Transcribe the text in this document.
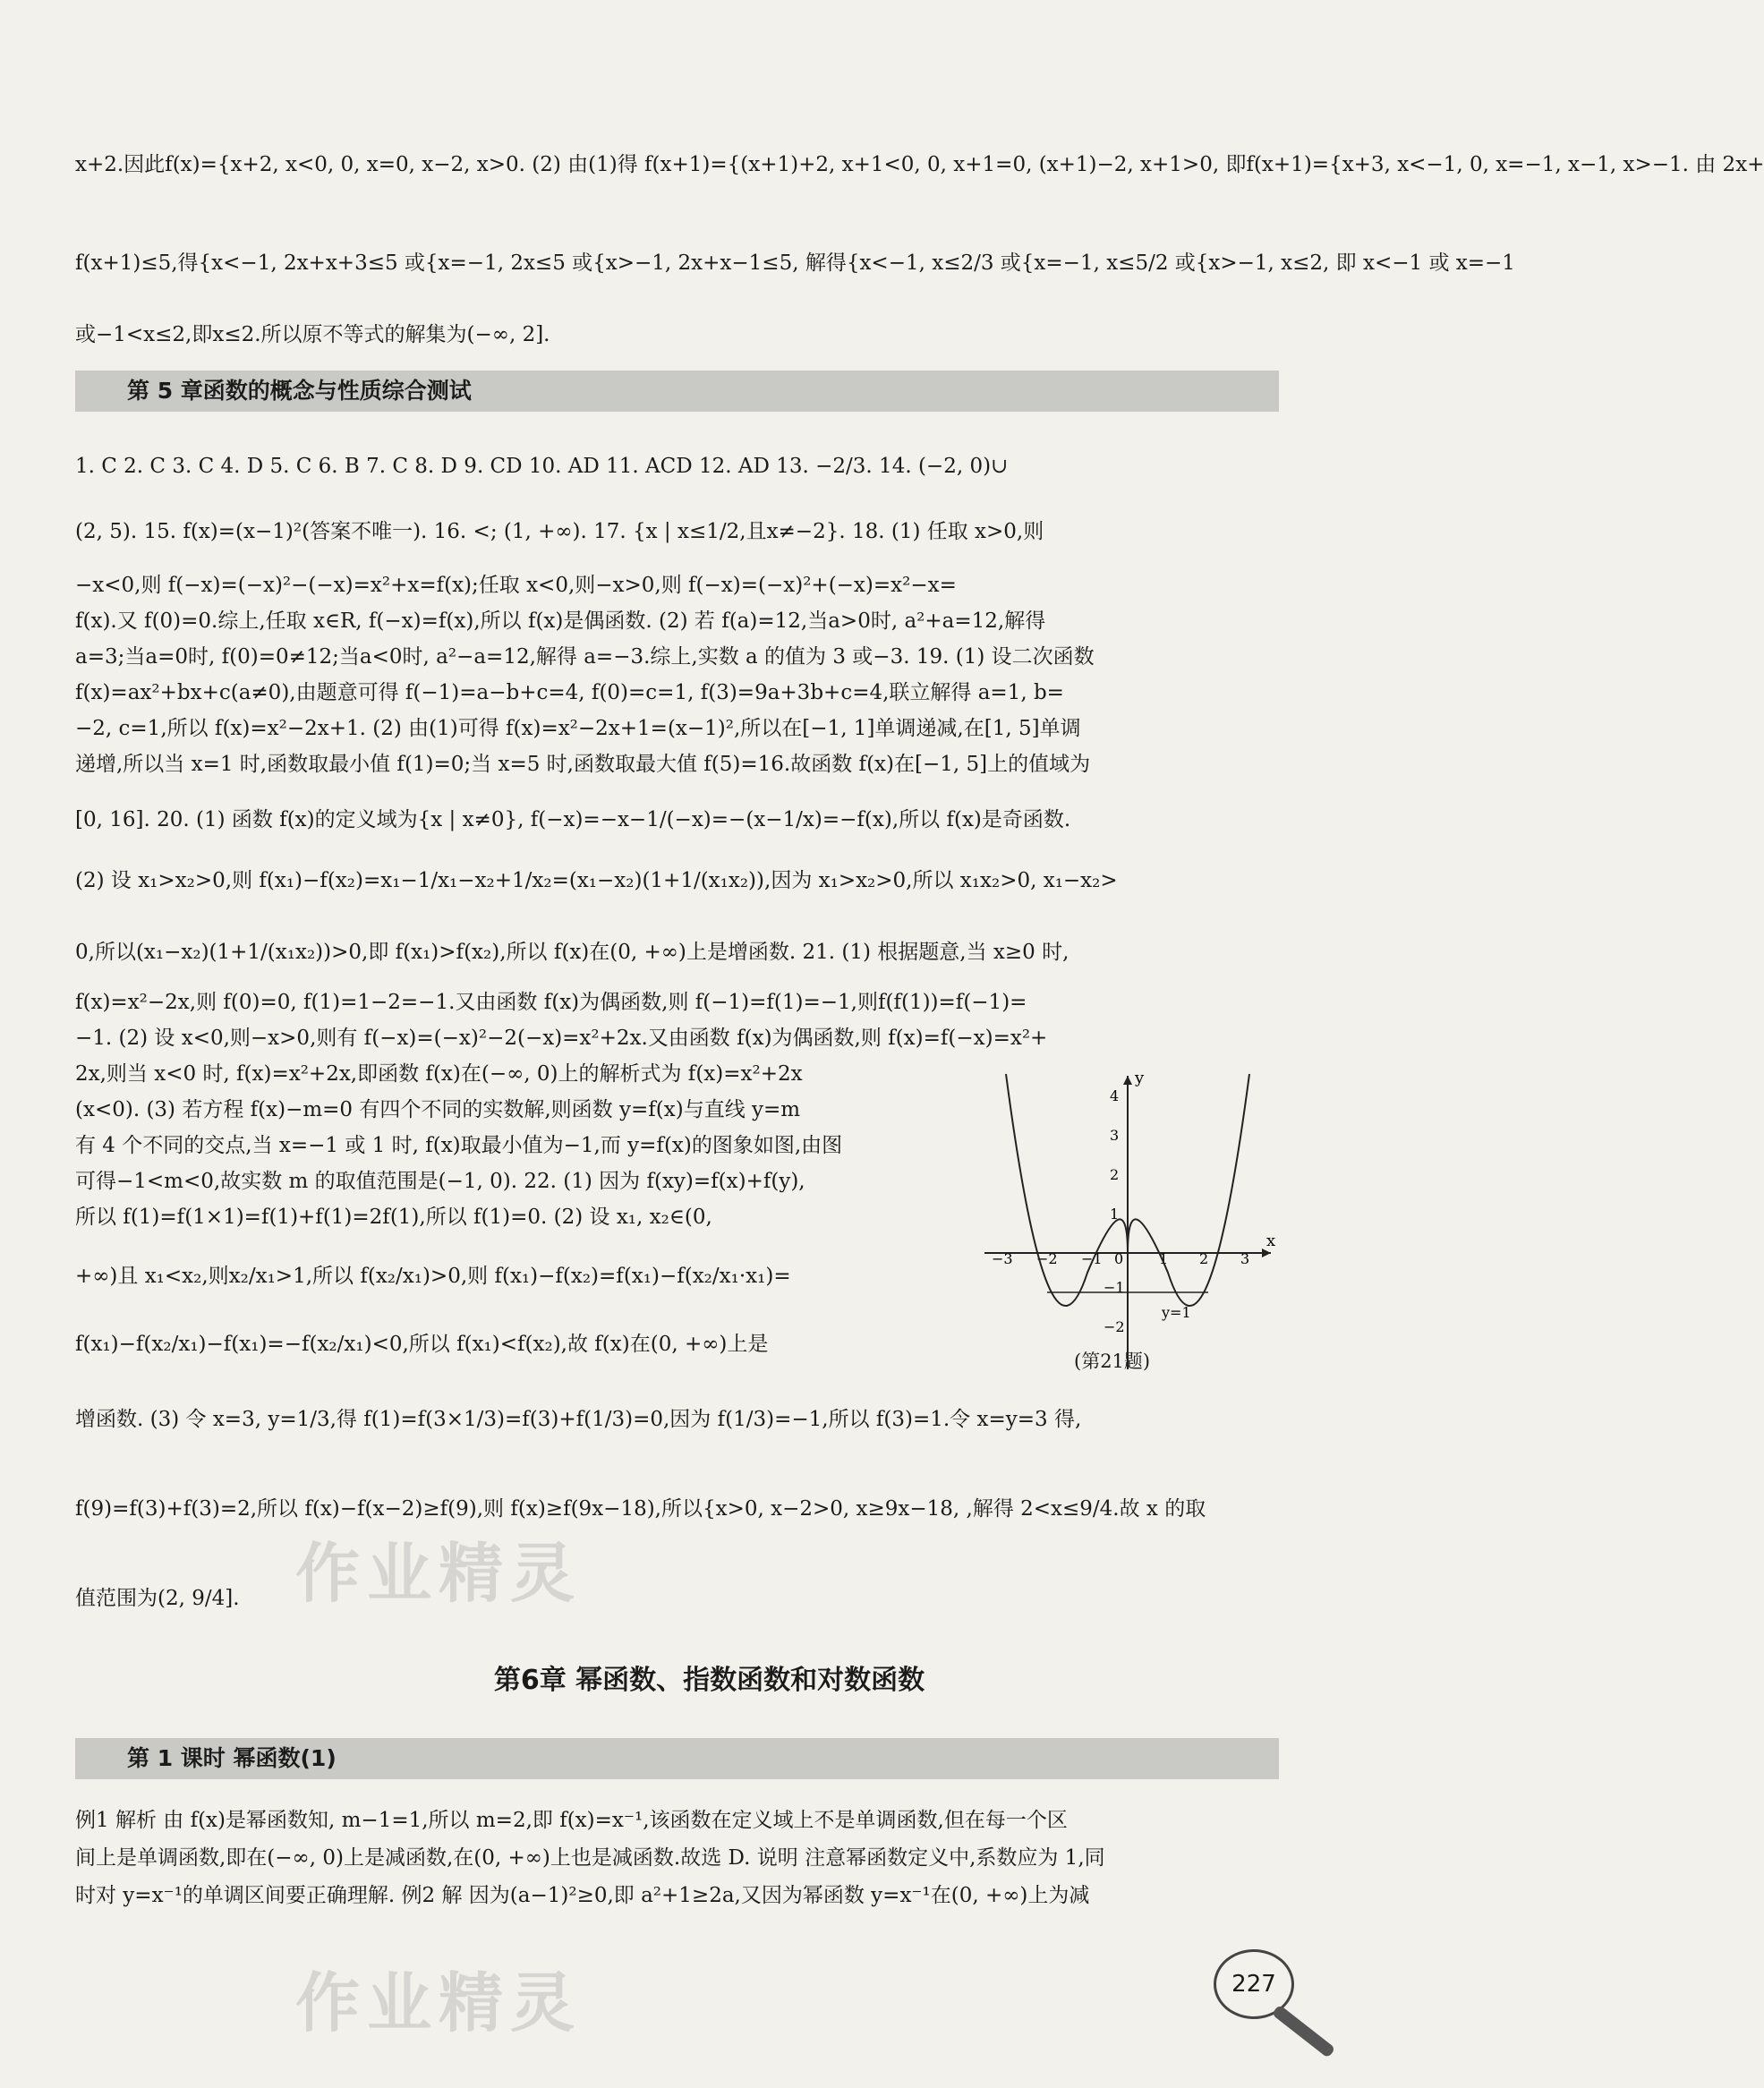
x+2.因此f(x)={x+2, x<0, 0, x=0, x−2, x>0. (2) 由(1)得 f(x+1)={(x+1)+2, x+1<0, 0, x+1=0, (x+1)−2, x+1>0, 即f(x+1)={x+3, x<−1, 0, x=−1, x−1, x>−1. 由 2x+
f(x+1)≤5,得{x<−1, 2x+x+3≤5 或{x=−1, 2x≤5 或{x>−1, 2x+x−1≤5, 解得{x<−1, x≤2/3 或{x=−1, x≤5/2 或{x>−1, x≤2, 即 x<−1 或 x=−1
或−1<x≤2,即x≤2.所以原不等式的解集为(−∞, 2].
第 5 章函数的概念与性质综合测试
1. C 2. C 3. C 4. D 5. C 6. B 7. C 8. D 9. CD 10. AD 11. ACD 12. AD 13. −2/3. 14. (−2, 0)∪
(2, 5). 15. f(x)=(x−1)²(答案不唯一). 16. <; (1, +∞). 17. {x | x≤1/2,且x≠−2}. 18. (1) 任取 x>0,则
−x<0,则 f(−x)=(−x)²−(−x)=x²+x=f(x);任取 x<0,则−x>0,则 f(−x)=(−x)²+(−x)=x²−x=
f(x).又 f(0)=0.综上,任取 x∈R, f(−x)=f(x),所以 f(x)是偶函数. (2) 若 f(a)=12,当a>0时, a²+a=12,解得
a=3;当a=0时, f(0)=0≠12;当a<0时, a²−a=12,解得 a=−3.综上,实数 a 的值为 3 或−3. 19. (1) 设二次函数
f(x)=ax²+bx+c(a≠0),由题意可得 f(−1)=a−b+c=4, f(0)=c=1, f(3)=9a+3b+c=4,联立解得 a=1, b=
−2, c=1,所以 f(x)=x²−2x+1. (2) 由(1)可得 f(x)=x²−2x+1=(x−1)²,所以在[−1, 1]单调递减,在[1, 5]单调
递增,所以当 x=1 时,函数取最小值 f(1)=0;当 x=5 时,函数取最大值 f(5)=16.故函数 f(x)在[−1, 5]上的值域为
[0, 16]. 20. (1) 函数 f(x)的定义域为{x | x≠0}, f(−x)=−x−1/(−x)=−(x−1/x)=−f(x),所以 f(x)是奇函数.
(2) 设 x₁>x₂>0,则 f(x₁)−f(x₂)=x₁−1/x₁−x₂+1/x₂=(x₁−x₂)(1+1/(x₁x₂)),因为 x₁>x₂>0,所以 x₁x₂>0, x₁−x₂>
0,所以(x₁−x₂)(1+1/(x₁x₂))>0,即 f(x₁)>f(x₂),所以 f(x)在(0, +∞)上是增函数. 21. (1) 根据题意,当 x≥0 时,
f(x)=x²−2x,则 f(0)=0, f(1)=1−2=−1.又由函数 f(x)为偶函数,则 f(−1)=f(1)=−1,则f(f(1))=f(−1)=
−1. (2) 设 x<0,则−x>0,则有 f(−x)=(−x)²−2(−x)=x²+2x.又由函数 f(x)为偶函数,则 f(x)=f(−x)=x²+
2x,则当 x<0 时, f(x)=x²+2x,即函数 f(x)在(−∞, 0)上的解析式为 f(x)=x²+2x
(x<0). (3) 若方程 f(x)−m=0 有四个不同的实数解,则函数 y=f(x)与直线 y=m
有 4 个不同的交点,当 x=−1 或 1 时, f(x)取最小值为−1,而 y=f(x)的图象如图,由图
可得−1<m<0,故实数 m 的取值范围是(−1, 0). 22. (1) 因为 f(xy)=f(x)+f(y),
所以 f(1)=f(1×1)=f(1)+f(1)=2f(1),所以 f(1)=0. (2) 设 x₁, x₂∈(0,
+∞)且 x₁<x₂,则x₂/x₁>1,所以 f(x₂/x₁)>0,则 f(x₁)−f(x₂)=f(x₁)−f(x₂/x₁·x₁)=
f(x₁)−f(x₂/x₁)−f(x₁)=−f(x₂/x₁)<0,所以 f(x₁)<f(x₂),故 f(x)在(0, +∞)上是
增函数. (3) 令 x=3, y=1/3,得 f(1)=f(3×1/3)=f(3)+f(1/3)=0,因为 f(1/3)=−1,所以 f(3)=1.令 x=y=3 得,
f(9)=f(3)+f(3)=2,所以 f(x)−f(x−2)≥f(9),则 f(x)≥f(9x−18),所以{x>0, x−2>0, x≥9x−18, ,解得 2<x≤9/4.故 x 的取
值范围为(2, 9/4].
第6章 幂函数、指数函数和对数函数
第 1 课时 幂函数(1)
例1 解析 由 f(x)是幂函数知, m−1=1,所以 m=2,即 f(x)=x⁻¹,该函数在定义域上不是单调函数,但在每一个区
间上是单调函数,即在(−∞, 0)上是减函数,在(0, +∞)上也是减函数.故选 D. 说明 注意幂函数定义中,系数应为 1,同
时对 y=x⁻¹的单调区间要正确理解. 例2 解 因为(a−1)²≥0,即 a²+1≥2a,又因为幂函数 y=x⁻¹在(0, +∞)上为减
x
y
−3 −2 −1 0 1 2 3
4
3
2
1
−1
−2
y=1
(第21题)
作业精灵
作业精灵	227
